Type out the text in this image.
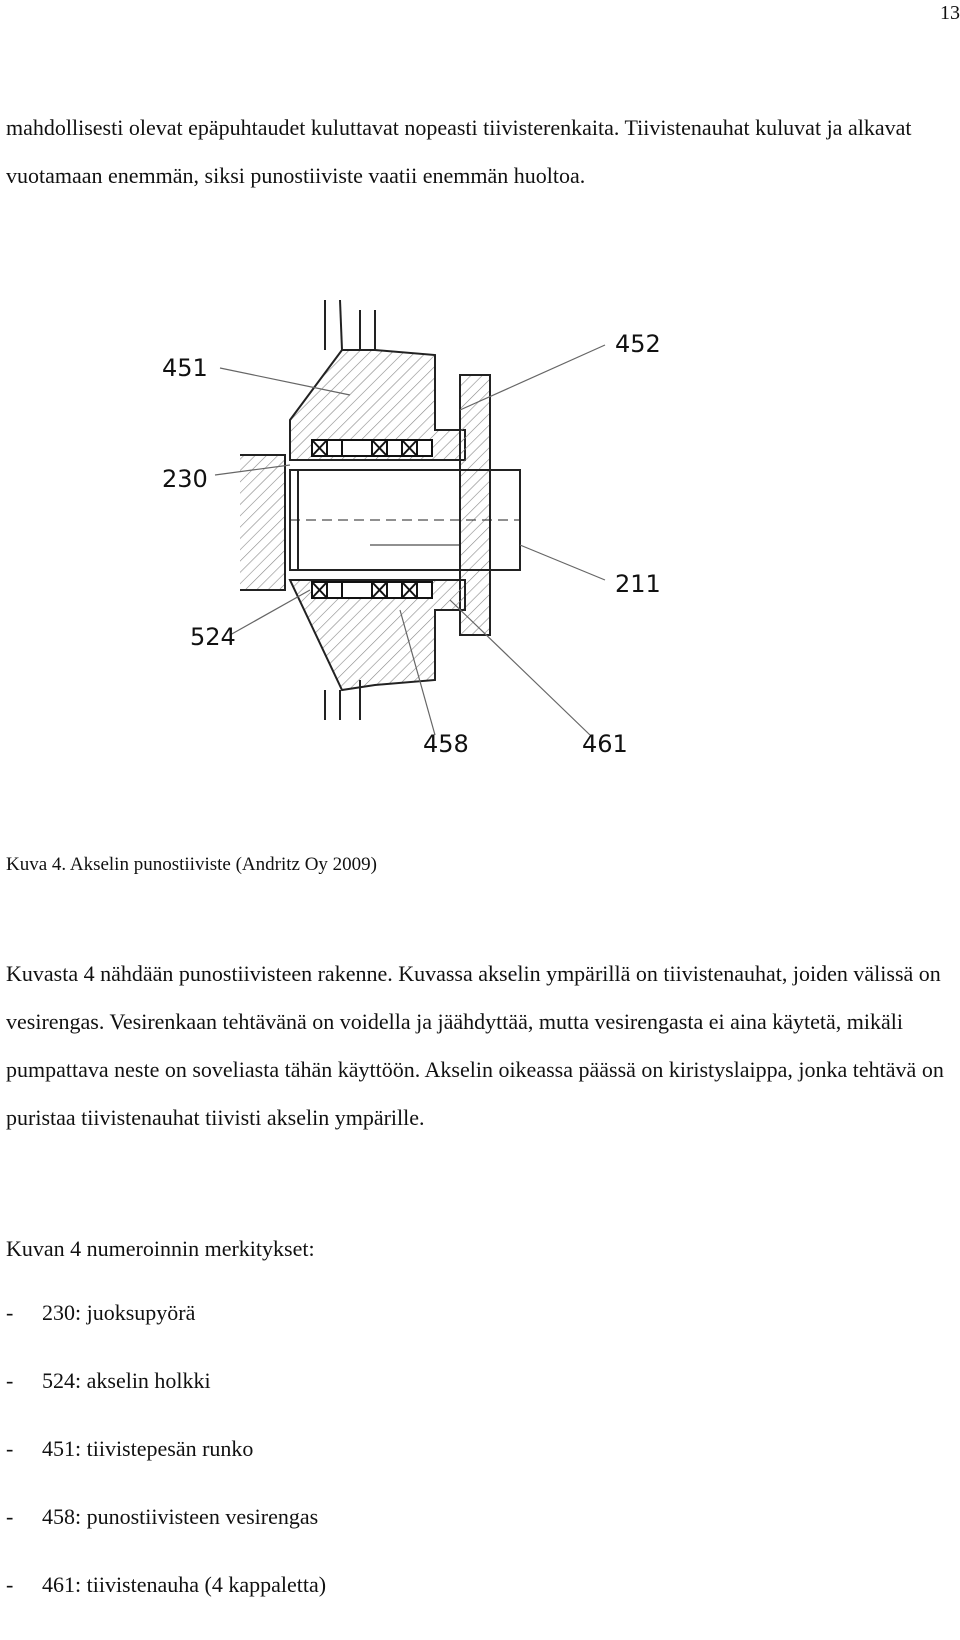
13

mahdollisesti olevat epäpuhtaudet kuluttavat nopeasti tiivisterenkaita. Tiivistenauhat kuluvat ja alkavat vuotamaan enemmän, siksi punostiiviste vaatii enemmän huoltoa.

451
452
230
211
524
458	461
Kuva 4. Akselin punostiiviste (Andritz Oy 2009)

Kuvasta 4 nähdään punostiivisteen rakenne. Kuvassa akselin ympärillä on tiivistenauhat, joiden välissä on vesirengas. Vesirenkaan tehtävänä on voidella ja jäähdyttää, mutta vesirengasta ei aina käytetä, mikäli pumpattava neste on soveliasta tähän käyttöön. Akselin oikeassa päässä on kiristyslaippa, jonka tehtävä on puristaa tiivistenauhat tiivisti akselin ympärille.

Kuvan 4 numeroinnin merkitykset:
-	230: juoksupyörä
-	524: akselin holkki
-	451: tiivistepesän runko
-	458: punostiivisteen vesirengas
-	461: tiivistenauha (4 kappaletta)
